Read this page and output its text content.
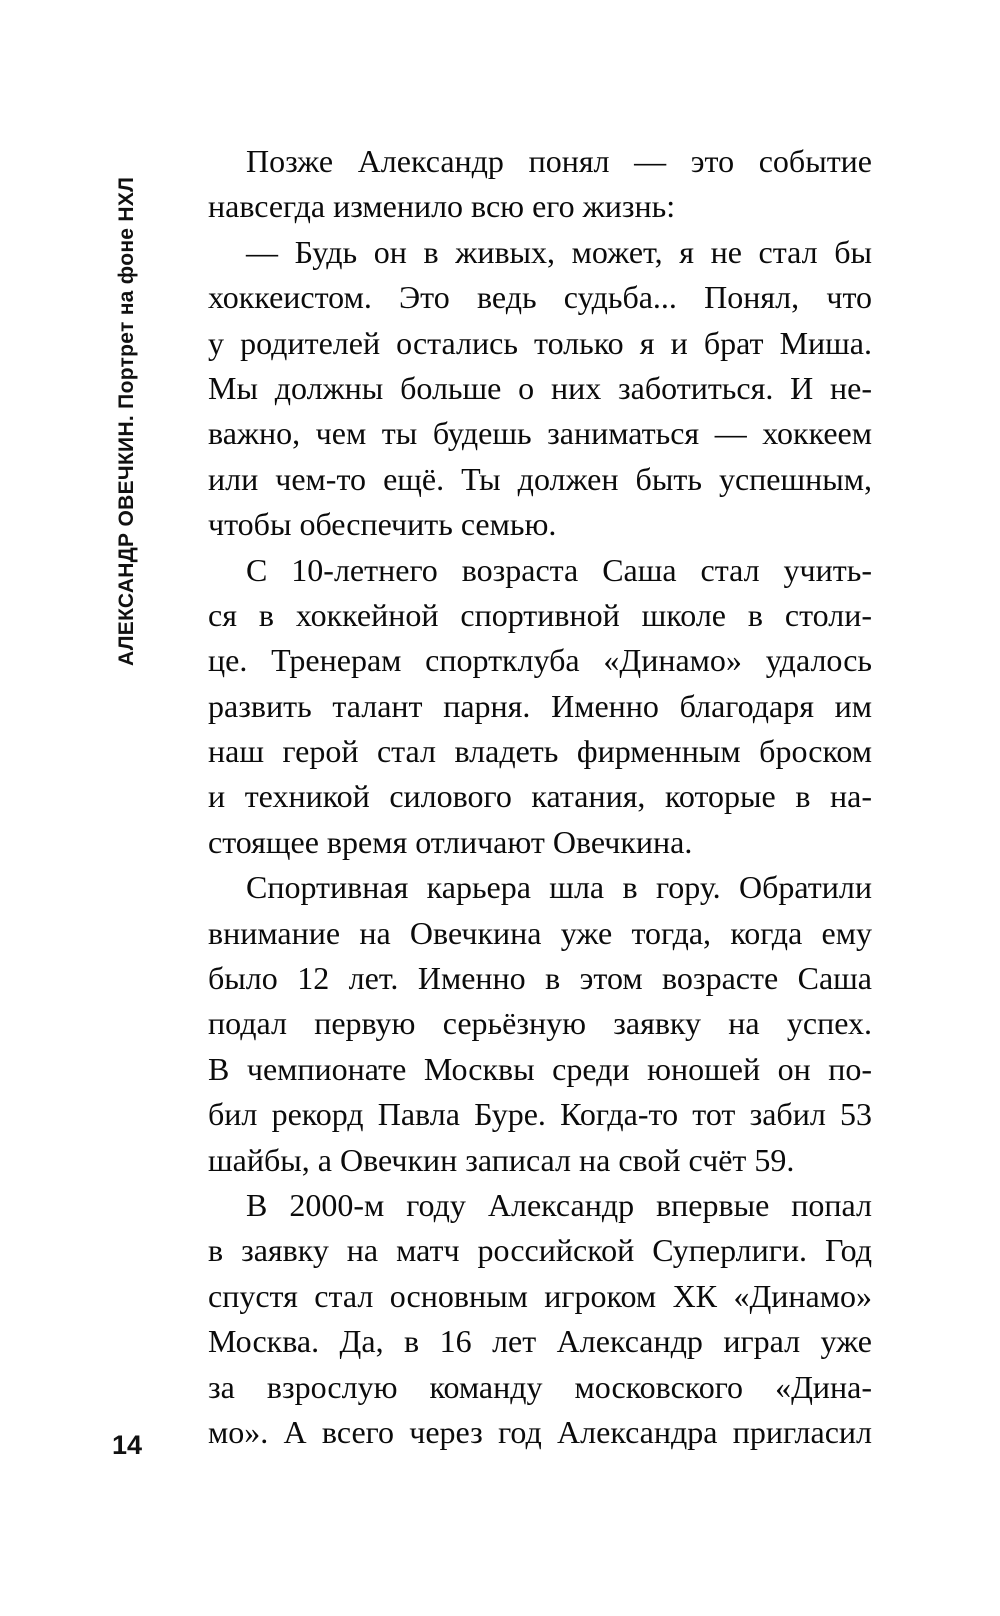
АЛЕКСАНДР ОВЕЧКИН. Портрет на фоне НХЛ
Позже Александр понял — это событие
навсегда изменило всю его жизнь:
— Будь он в живых, может, я не стал бы
хоккеистом. Это ведь судьба... Понял, что
у родителей остались только я и брат Миша.
Мы должны больше о них заботиться. И не-
важно, чем ты будешь заниматься — хоккеем
или чем-то ещё. Ты должен быть успешным,
чтобы обеспечить семью.
С 10-летнего возраста Саша стал учить-
ся в хоккейной спортивной школе в столи-
це. Тренерам спортклуба «Динамо» удалось
развить талант парня. Именно благодаря им
наш герой стал владеть фирменным броском
и техникой силового катания, которые в на-
стоящее время отличают Овечкина.
Спортивная карьера шла в гору. Обратили
внимание на Овечкина уже тогда, когда ему
было 12 лет. Именно в этом возрасте Саша
подал первую серьёзную заявку на успех.
В чемпионате Москвы среди юношей он по-
бил рекорд Павла Буре. Когда-то тот забил 53
шайбы, а Овечкин записал на свой счёт 59.
В 2000-м году Александр впервые попал
в заявку на матч российской Суперлиги. Год
спустя стал основным игроком ХК «Динамо»
Москва. Да, в 16 лет Александр играл уже
за взрослую команду московского «Дина-
мо». А всего через год Александра пригласил
14
